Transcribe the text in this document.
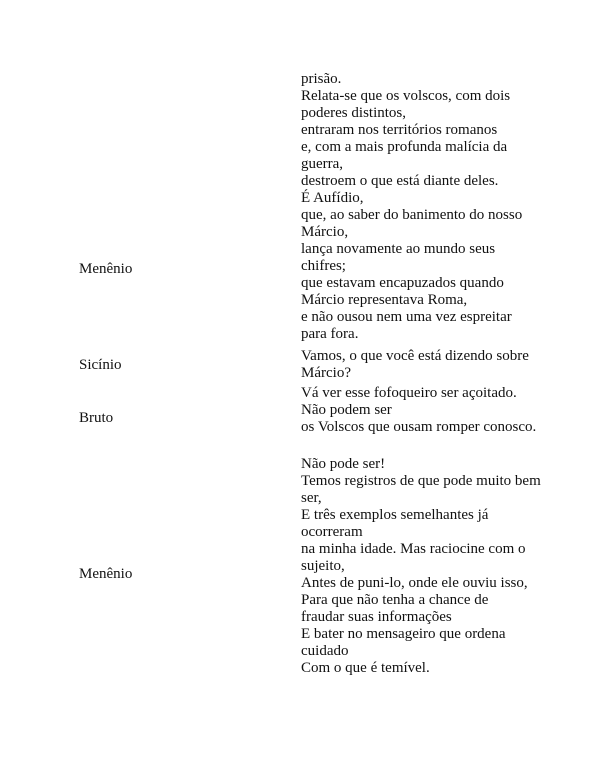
Menênio
prisão.
Relata-se que os volscos, com dois poderes distintos,
entraram nos territórios romanos
e, com a mais profunda malícia da guerra,
destroem o que está diante deles.
É Aufídio,
que, ao saber do banimento do nosso Márcio,
lança novamente ao mundo seus chifres;
que estavam encapuzados quando
Márcio representava Roma,
e não ousou nem uma vez espreitar para fora.
Sicínio
Vamos, o que você está dizendo sobre Márcio?
Bruto
Vá ver esse fofoqueiro ser açoitado.
Não podem ser
os Volscos que ousam romper conosco.
Menênio
Não pode ser!
Temos registros de que pode muito bem ser,
E três exemplos semelhantes já ocorreram
na minha idade. Mas raciocine com o sujeito,
Antes de puni-lo, onde ele ouviu isso,
Para que não tenha a chance de
fraudar suas informações
E bater no mensageiro que ordena cuidado
Com o que é temível.
